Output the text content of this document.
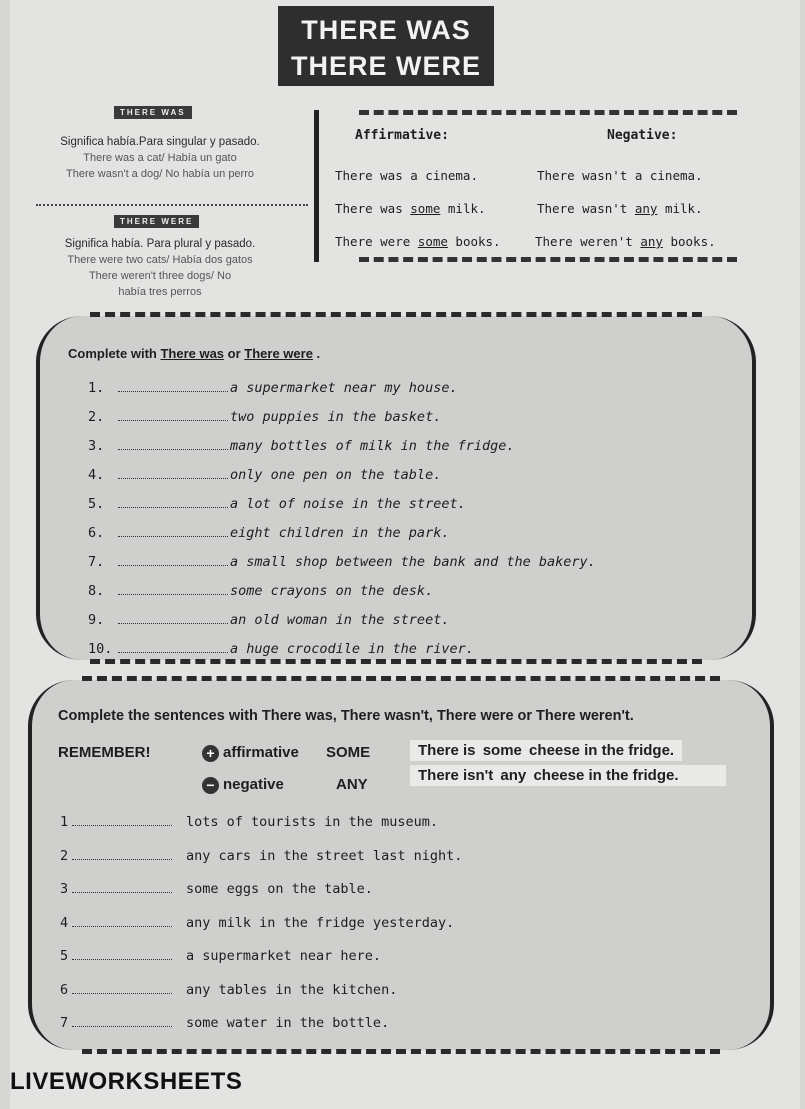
THERE WAS
THERE WERE
THERE WAS
Significa había.Para singular y pasado.
There was a cat/ Había un gato
There wasn't a dog/ No había un perro
THERE WERE
Significa había. Para plural y pasado.
There were two cats/ Había dos gatos
There weren't three dogs/ No
había tres perros
Affirmative:	Negative:
There was a cinema.	There wasn't a cinema.
There was some milk.	There wasn't any milk.
There were some books.	There weren't any books.
Complete with There was or There were .
1.	a supermarket near my house.
2.	two puppies in the basket.
3.	many bottles of milk in the fridge.
4.	only one pen on the table.
5.	a lot of noise in the street.
6.	eight children in the park.
7.	a small shop between the bank and the bakery.
8.	some crayons on the desk.
9.	an old woman in the street.
10.	a huge crocodile in the river.
Complete the sentences with There was, There wasn't, There were or There weren't.
REMEMBER!	+ affirmative SOME	There is some cheese in the fridge.
− negative	ANY
There isn't any cheese in the fridge.
1	lots of tourists in the museum.
2	any cars in the street last night.
3	some eggs on the table.
4	any milk in the fridge yesterday.
5	a supermarket near here.
6	any tables in the kitchen.
7	some water in the bottle.
LIVEWORKSHEETS
